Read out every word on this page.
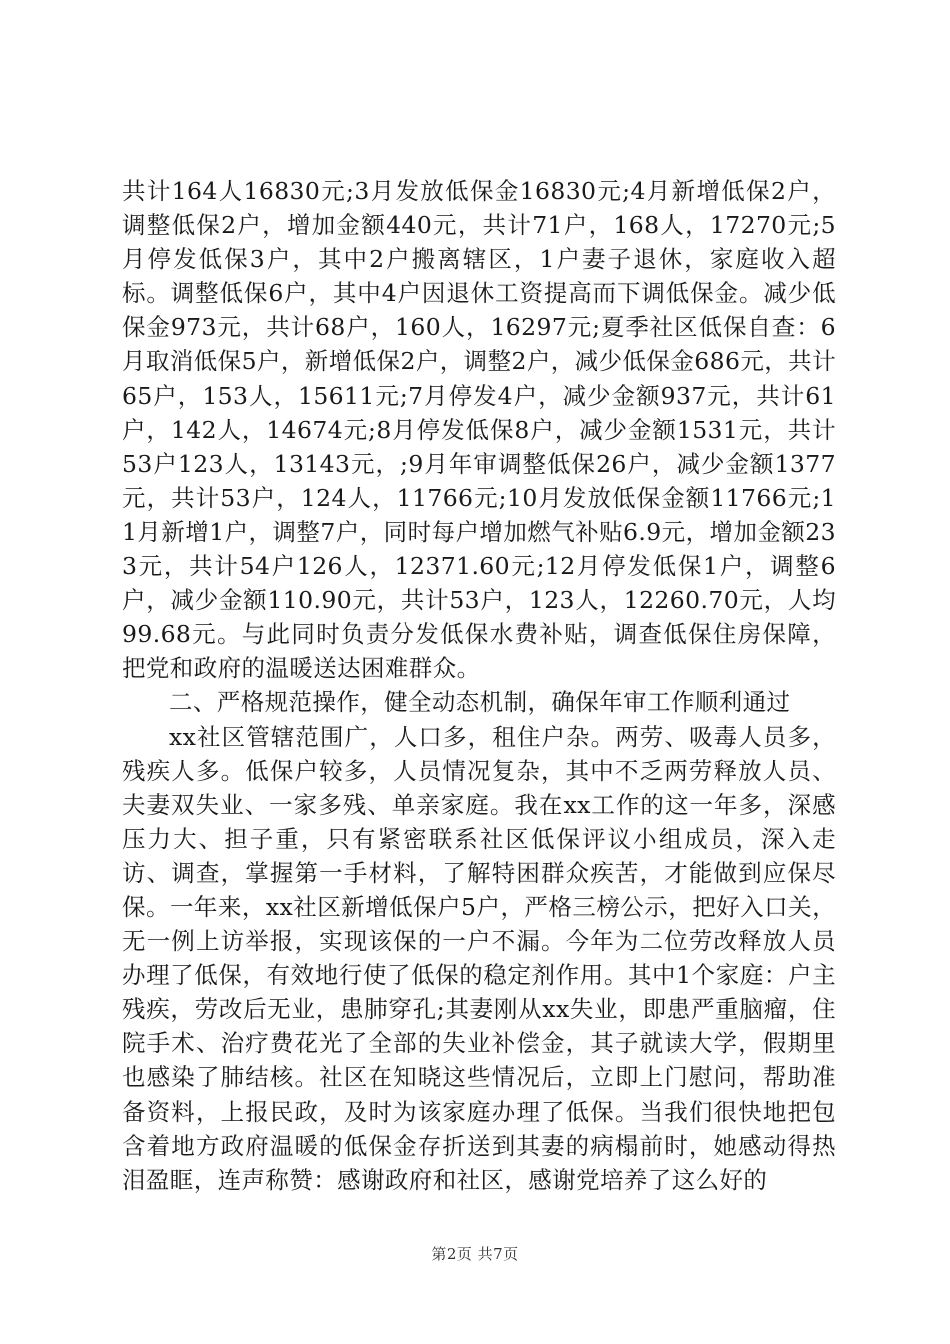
共计164人16830元;3月发放低保金16830元;4月新增低保2户，调整低保2户，增加金额440元，共计71户，168人，17270元;5月停发低保3户，其中2户搬离辖区，1户妻子退休，家庭收入超标。调整低保6户，其中4户因退休工资提高而下调低保金。减少低保金973元，共计68户，160人，16297元;夏季社区低保自查：6月取消低保5户，新增低保2户，调整2户，减少低保金686元，共计65户，153人，15611元;7月停发4户，减少金额937元，共计61户，142人，14674元;8月停发低保8户，减少金额1531元，共计53户123人，13143元，;9月年审调整低保26户，减少金额1377元，共计53户，124人，11766元;10月发放低保金额11766元;11月新增1户，调整7户，同时每户增加燃气补贴6.9元，增加金额233元，共计54户126人，12371.60元;12月停发低保1户，调整6户，减少金额110.90元，共计53户，123人，12260.70元，人均99.68元。与此同时负责分发低保水费补贴，调查低保住房保障，把党和政府的温暖送达困难群众。

二、严格规范操作，健全动态机制，确保年审工作顺利通过

xx社区管辖范围广，人口多，租住户杂。两劳、吸毒人员多，残疾人多。低保户较多，人员情况复杂，其中不乏两劳释放人员、夫妻双失业、一家多残、单亲家庭。我在xx工作的这一年多，深感压力大、担子重，只有紧密联系社区低保评议小组成员，深入走访、调查，掌握第一手材料，了解特困群众疾苦，才能做到应保尽保。一年来，xx社区新增低保户5户，严格三榜公示，把好入口关，无一例上访举报，实现该保的一户不漏。今年为二位劳改释放人员办理了低保，有效地行使了低保的稳定剂作用。其中1个家庭：户主残疾，劳改后无业，患肺穿孔;其妻刚从xx失业，即患严重脑瘤，住院手术、治疗费花光了全部的失业补偿金，其子就读大学，假期里也感染了肺结核。社区在知晓这些情况后，立即上门慰问，帮助准备资料，上报民政，及时为该家庭办理了低保。当我们很快地把包含着地方政府温暖的低保金存折送到其妻的病榻前时，她感动得热泪盈眶，连声称赞：感谢政府和社区，感谢党培养了这么好的

第2页 共7页
